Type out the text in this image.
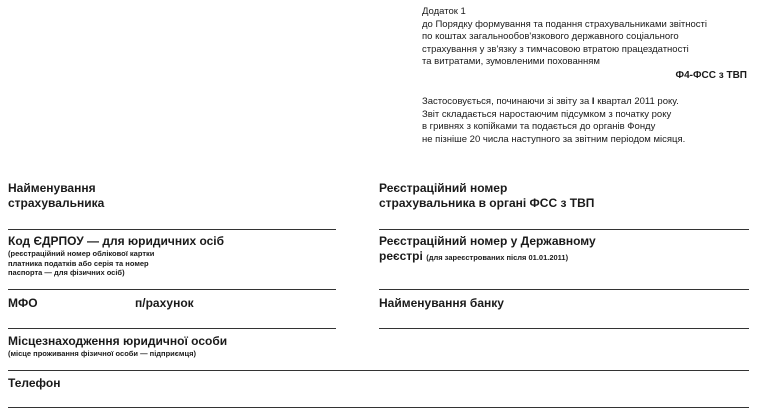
Додаток 1
до Порядку формування та подання страхувальниками звітності
по коштах загальнообов'язкового державного соціального
страхування у зв'язку з тимчасовою втратою працездатності
та витратами, зумовленими похованням
Ф4-ФСС з ТВП
Застосовується, починаючи зі звіту за І квартал 2011 року.
Звіт складається наростаючим підсумком з початку року
в гривнях з копійками та подається до органів Фонду
не пізніше 20 числа наступного за звітним періодом місяця.
Найменування
страхувальника
Реєстраційний номер
страхувальника в органі ФСС з ТВП
Код ЄДРПОУ — для юридичних осіб
(реєстраційний номер облікової картки
платника податків або серія та номер
паспорта — для фізичних осіб)
Реєстраційний номер у Державному
реєстрі (для зареєстрованих після 01.01.2011)
МФО	п/рахунок	Найменування банку
Місцезнаходження юридичної особи
(місце проживання фізичної особи — підприємця)
Телефон
